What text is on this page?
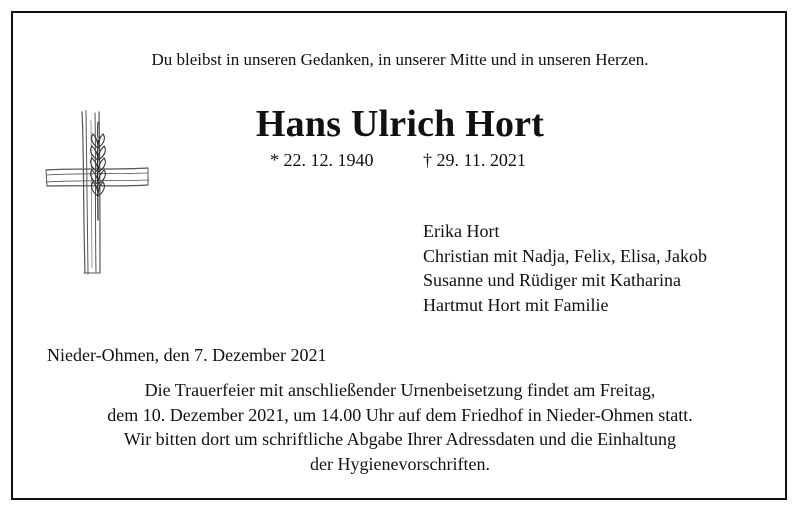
Du bleibst in unseren Gedanken, in unserer Mitte und in unseren Herzen.
Hans Ulrich Hort
* 22. 12. 1940	† 29. 11. 2021
Erika Hort
Christian mit Nadja, Felix, Elisa, Jakob
Susanne und Rüdiger mit Katharina
Hartmut Hort mit Familie
Nieder-Ohmen, den 7. Dezember 2021
Die Trauerfeier mit anschließender Urnenbeisetzung findet am Freitag,
dem 10. Dezember 2021, um 14.00 Uhr auf dem Friedhof in Nieder-Ohmen statt.
Wir bitten dort um schriftliche Abgabe Ihrer Adressdaten und die Einhaltung
der Hygienevorschriften.
